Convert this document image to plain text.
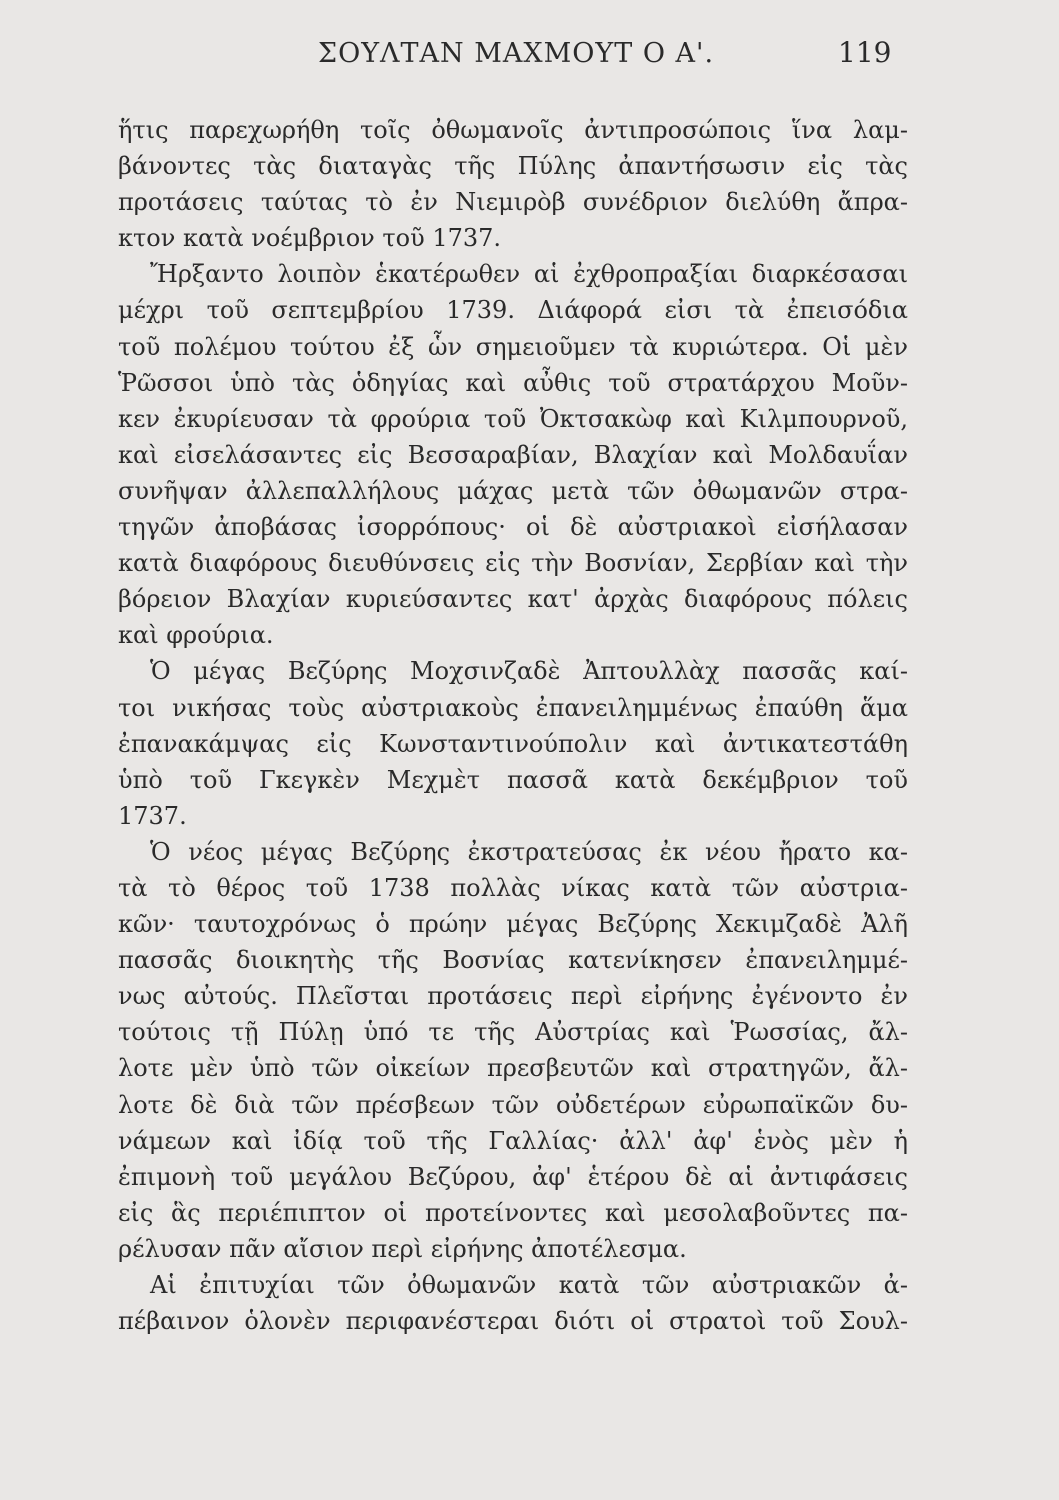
ΣΟΥΛΤΑΝ ΜΑΧΜΟΥΤ Ο Α'.	119
ἥτις παρεχωρήθη τοῖς ὀθωμανοῖς ἀντιπροσώποις ἵνα λαμ-
βάνοντες τὰς διαταγὰς τῆς Πύλης ἀπαντήσωσιν εἰς τὰς
προτάσεις ταύτας τὸ ἐν Νιεμιρὸβ συνέδριον διελύθη ἄπρα-
κτον κατὰ νοέμβριον τοῦ 1737.
Ἤρξαντο λοιπὸν ἑκατέρωθεν αἱ ἐχθροπραξίαι διαρκέσασαι
μέχρι τοῦ σεπτεμβρίου 1739. Διάφορά εἰσι τὰ ἐπεισόδια
τοῦ πολέμου τούτου ἐξ ὧν σημειοῦμεν τὰ κυριώτερα. Οἱ μὲν
Ῥῶσσοι ὑπὸ τὰς ὁδηγίας καὶ αὖθις τοῦ στρατάρχου Μοῦν-
κεν ἐκυρίευσαν τὰ φρούρια τοῦ Ὀκτσακὼφ καὶ Κιλμπουρνοῦ,
καὶ εἰσελάσαντες εἰς Βεσσαραβίαν, Βλαχίαν καὶ Μολδαυΐαν
συνῆψαν ἀλλεπαλλήλους μάχας μετὰ τῶν ὀθωμανῶν στρα-
τηγῶν ἀποβάσας ἰσορρόπους· οἱ δὲ αὐστριακοὶ εἰσήλασαν
κατὰ διαφόρους διευθύνσεις εἰς τὴν Βοσνίαν, Σερβίαν καὶ τὴν
βόρειον Βλαχίαν κυριεύσαντες κατ' ἀρχὰς διαφόρους πόλεις
καὶ φρούρια.
Ὁ μέγας Βεζύρης Μοχσινζαδὲ Ἀπτουλλὰχ πασσᾶς καί-
τοι νικήσας τοὺς αὐστριακοὺς ἐπανειλημμένως ἐπαύθη ἅμα
ἐπανακάμψας εἰς Κωνσταντινούπολιν καὶ ἀντικατεστάθη
ὑπὸ τοῦ Γκεγκὲν Μεχμὲτ πασσᾶ κατὰ δεκέμβριον τοῦ
1737.
Ὁ νέος μέγας Βεζύρης ἐκστρατεύσας ἐκ νέου ἤρατο κα-
τὰ τὸ θέρος τοῦ 1738 πολλὰς νίκας κατὰ τῶν αὐστρια-
κῶν· ταυτοχρόνως ὁ πρώην μέγας Βεζύρης Χεκιμζαδὲ Ἀλῆ
πασσᾶς διοικητὴς τῆς Βοσνίας κατενίκησεν ἐπανειλημμέ-
νως αὐτούς. Πλεῖσται προτάσεις περὶ εἰρήνης ἐγένοντο ἐν
τούτοις τῇ Πύλῃ ὑπό τε τῆς Αὐστρίας καὶ Ῥωσσίας, ἄλ-
λοτε μὲν ὑπὸ τῶν οἰκείων πρεσβευτῶν καὶ στρατηγῶν, ἄλ-
λοτε δὲ διὰ τῶν πρέσβεων τῶν οὐδετέρων εὐρωπαϊκῶν δυ-
νάμεων καὶ ἰδίᾳ τοῦ τῆς Γαλλίας· ἀλλ' ἀφ' ἑνὸς μὲν ἡ
ἐπιμονὴ τοῦ μεγάλου Βεζύρου, ἀφ' ἑτέρου δὲ αἱ ἀντιφάσεις
εἰς ἃς περιέπιπτον οἱ προτείνοντες καὶ μεσολαβοῦντες πα-
ρέλυσαν πᾶν αἴσιον περὶ εἰρήνης ἀποτέλεσμα.
Αἱ ἐπιτυχίαι τῶν ὀθωμανῶν κατὰ τῶν αὐστριακῶν ἀ-
πέβαινον ὁλονὲν περιφανέστεραι διότι οἱ στρατοὶ τοῦ Σουλ-
